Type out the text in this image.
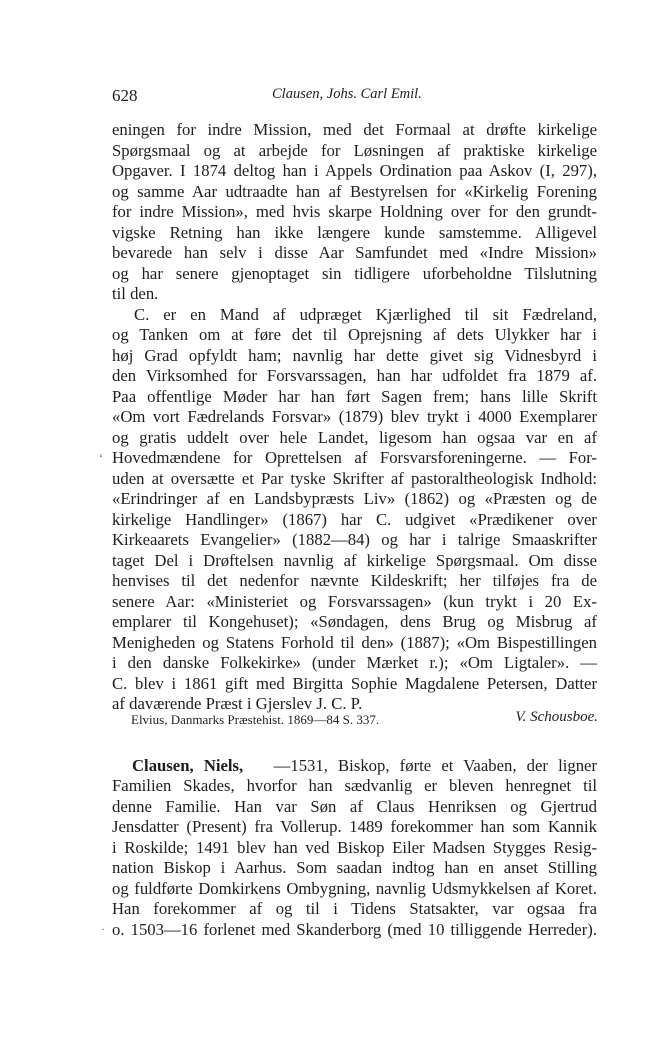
628	Clausen, Johs. Carl Emil.
eningen for indre Mission, med det Formaal at drøfte kirkelige
Spørgsmaal og at arbejde for Løsningen af praktiske kirkelige
Opgaver. I 1874 deltog han i Appels Ordination paa Askov (I, 297),
og samme Aar udtraadte han af Bestyrelsen for «Kirkelig Forening
for indre Mission», med hvis skarpe Holdning over for den grundt-
vigske Retning han ikke længere kunde samstemme. Alligevel
bevarede han selv i disse Aar Samfundet med «Indre Mission»
og har senere gjenoptaget sin tidligere uforbeholdne Tilslutning
til den.
C. er en Mand af udpræget Kjærlighed til sit Fædreland,
og Tanken om at føre det til Oprejsning af dets Ulykker har i
høj Grad opfyldt ham; navnlig har dette givet sig Vidnesbyrd i
den Virksomhed for Forsvarssagen, han har udfoldet fra 1879 af.
Paa offentlige Møder har han ført Sagen frem; hans lille Skrift
«Om vort Fædrelands Forsvar» (1879) blev trykt i 4000 Exemplarer
og gratis uddelt over hele Landet, ligesom han ogsaa var en af
Hovedmændene for Oprettelsen af Forsvarsforeningerne. — For-
uden at oversætte et Par tyske Skrifter af pastoraltheologisk Indhold:
«Erindringer af en Landsbypræsts Liv» (1862) og «Præsten og de
kirkelige Handlinger» (1867) har C. udgivet «Prædikener over
Kirkeaarets Evangelier» (1882—84) og har i talrige Smaaskrifter
taget Del i Drøftelsen navnlig af kirkelige Spørgsmaal. Om disse
henvises til det nedenfor nævnte Kildeskrift; her tilføjes fra de
senere Aar: «Ministeriet og Forsvarssagen» (kun trykt i 20 Ex-
emplarer til Kongehuset); «Søndagen, dens Brug og Misbrug af
Menigheden og Statens Forhold til den» (1887); «Om Bispestillingen
i den danske Folkekirke» (under Mærket r.); «Om Ligtaler». —
C. blev i 1861 gift med Birgitta Sophie Magdalene Petersen, Datter
af daværende Præst i Gjerslev J. C. P.
Elvius, Danmarks Præstehist. 1869—84 S. 337.	V. Schousboe.
Clausen, Niels, —1531, Biskop, førte et Vaaben, der ligner
Familien Skades, hvorfor han sædvanlig er bleven henregnet til
denne Familie. Han var Søn af Claus Henriksen og Gjertrud
Jensdatter (Present) fra Vollerup. 1489 forekommer han som Kannik
i Roskilde; 1491 blev han ved Biskop Eiler Madsen Stygges Resig-
nation Biskop i Aarhus. Som saadan indtog han en anset Stilling
og fuldførte Domkirkens Ombygning, navnlig Udsmykkelsen af Koret.
Han forekommer af og til i Tidens Statsakter, var ogsaa fra
o. 1503—16 forlenet med Skanderborg (med 10 tilliggende Herreder).
‘
·
